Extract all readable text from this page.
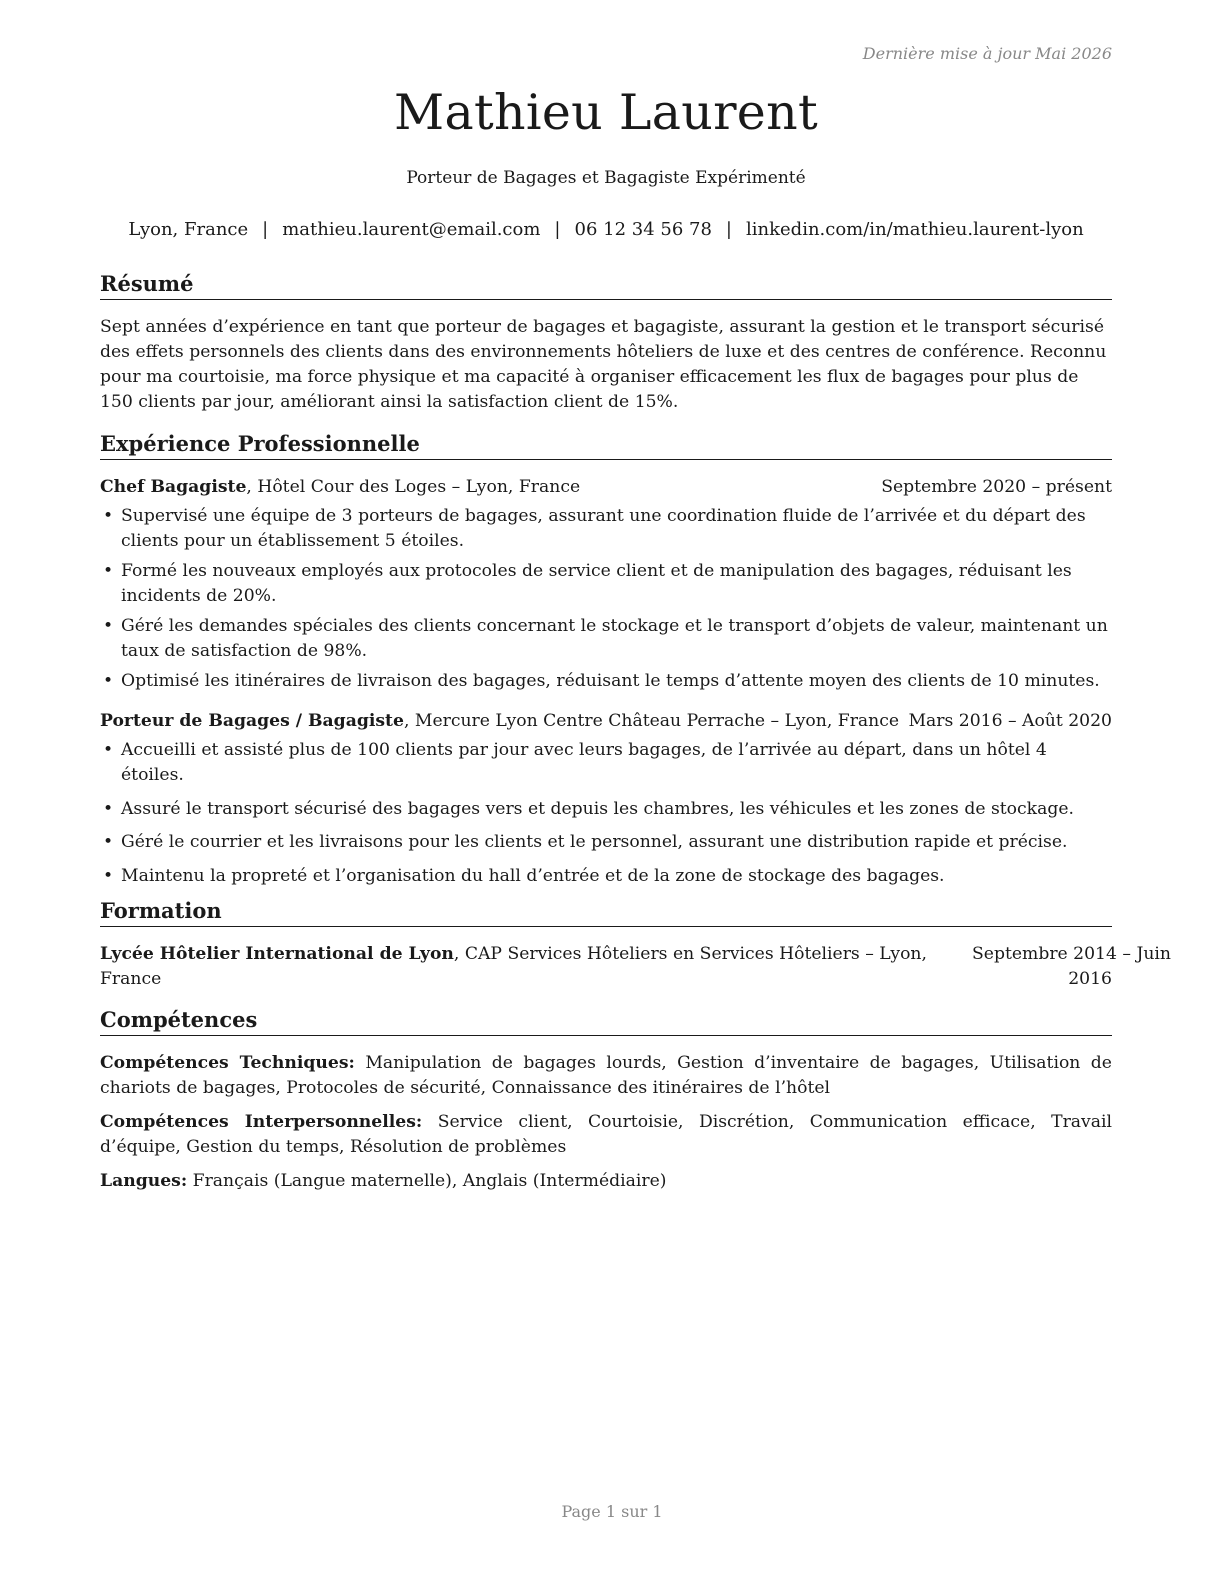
Dernière mise à jour Mai 2026
Mathieu Laurent
Porteur de Bagages et Bagagiste Expérimenté
Lyon, France | mathieu.laurent@email.com | 06 12 34 56 78 | linkedin.com/in/mathieu.laurent-lyon
Résumé

Sept années d’expérience en tant que porteur de bagages et bagagiste, assurant la gestion et le transport sécurisé des effets personnels des clients dans des environnements hôteliers de luxe et des centres de conférence. Reconnu pour ma courtoisie, ma force physique et ma capacité à organiser efficacement les flux de bagages pour plus de 150 clients par jour, améliorant ainsi la satisfaction client de 15%.

Expérience Professionnelle
Chef Bagagiste, Hôtel Cour des Loges – Lyon, France	Septembre 2020 – présent
• Supervisé une équipe de 3 porteurs de bagages, assurant une coordination fluide de l’arrivée et du départ des clients pour un établissement 5 étoiles.
• Formé les nouveaux employés aux protocoles de service client et de manipulation des bagages, réduisant les incidents de 20%.
• Géré les demandes spéciales des clients concernant le stockage et le transport d’objets de valeur, maintenant un taux de satisfaction de 98%.
• Optimisé les itinéraires de livraison des bagages, réduisant le temps d’attente moyen des clients de 10 minutes.
Porteur de Bagages / Bagagiste, Mercure Lyon Centre Château Perrache – Lyon, France Mars 2016 – Août 2020
• Accueilli et assisté plus de 100 clients par jour avec leurs bagages, de l’arrivée au départ, dans un hôtel 4 étoiles.
• Assuré le transport sécurisé des bagages vers et depuis les chambres, les véhicules et les zones de stockage.
• Géré le courrier et les livraisons pour les clients et le personnel, assurant une distribution rapide et précise.
• Maintenu la propreté et l’organisation du hall d’entrée et de la zone de stockage des bagages.
Formation
Lycée Hôtelier International de Lyon, CAP Services Hôteliers en Services Hôteliers – Lyon, France
Septembre 2014 – Juin
2016
Compétences
Compétences Techniques: Manipulation de bagages lourds, Gestion d’inventaire de bagages, Utilisation de chariots de bagages, Protocoles de sécurité, Connaissance des itinéraires de l’hôtel
Compétences Interpersonnelles: Service client, Courtoisie, Discrétion, Communication efficace, Travail d’équipe, Gestion du temps, Résolution de problèmes
Langues: Français (Langue maternelle), Anglais (Intermédiaire)
Page 1 sur 1
